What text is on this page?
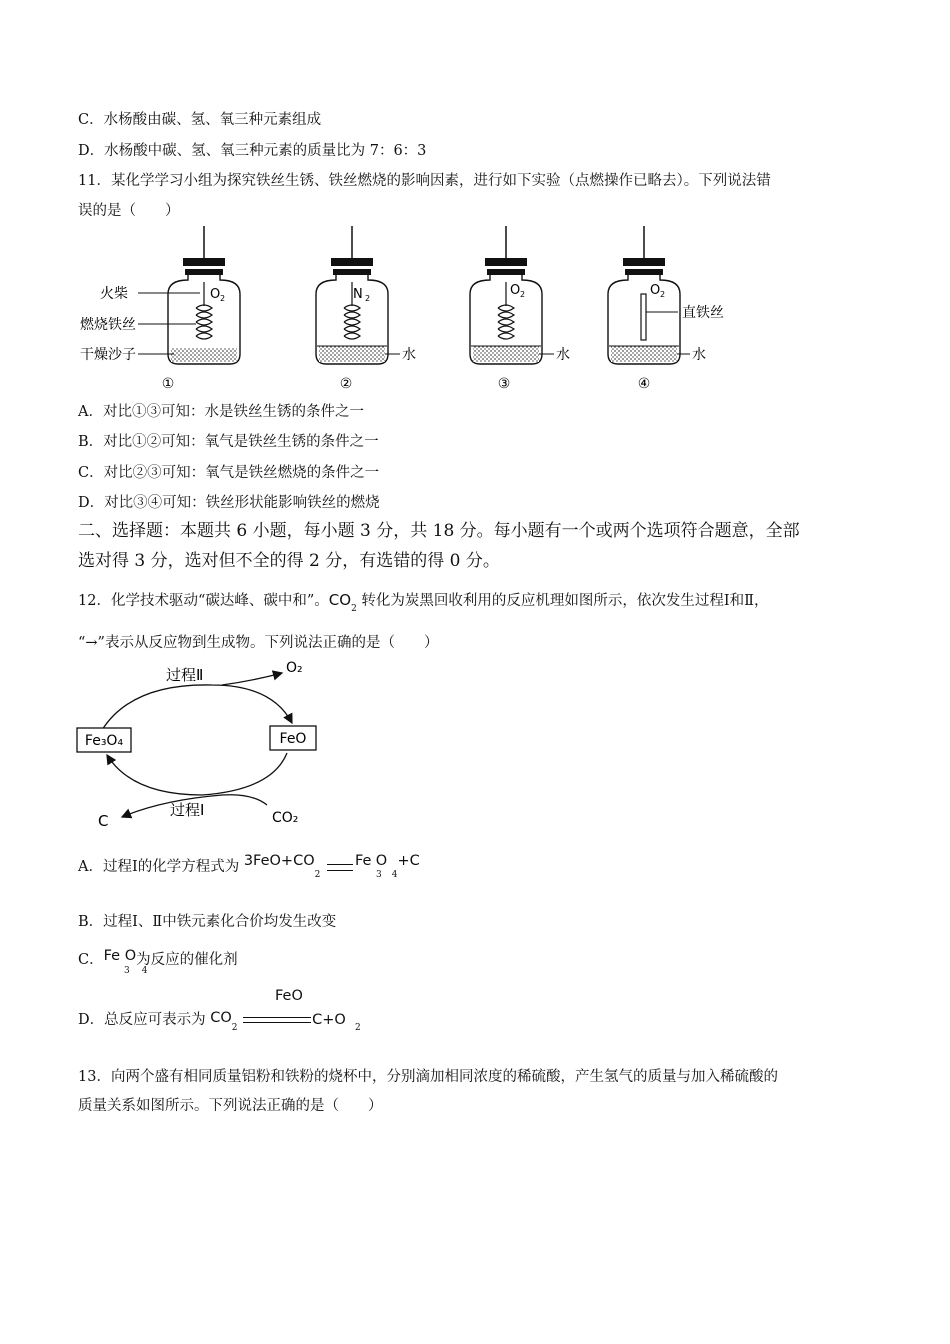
C．水杨酸由碳、氢、氧三种元素组成
D．水杨酸中碳、氢、氧三种元素的质量比为 7：6：3
11．某化学学习小组为探究铁丝生锈、铁丝燃烧的影响因素，进行如下实验（点燃操作已略去）。下列说法错
误的是（　　）
O 2
①
火柴
燃烧铁丝
干燥沙子
N 2
水
②
O 2
水
③
O 2
直铁丝
水
④
A．对比①③可知：水是铁丝生锈的条件之一
B．对比①②可知：氧气是铁丝生锈的条件之一
C．对比②③可知：氧气是铁丝燃烧的条件之一
D．对比③④可知：铁丝形状能影响铁丝的燃烧
二、选择题：本题共 6 小题，每小题 3 分，共 18 分。每小题有一个或两个选项符合题意，全部
选对得 3 分，选对但不全的得 2 分，有选错的得 0 分。
12．化学技术驱动“碳达峰、碳中和”。$CO_2$ 转化为炭黑回收利用的反应机理如图所示，依次发生过程Ⅰ和Ⅱ，
“→”表示从反应物到生成物。下列说法正确的是（　　）
Fe₃O₄	FeO
过程Ⅱ	O₂
过程Ⅰ
C	CO₂
A．过程Ⅰ的化学方程式为 $3FeO+CO_2$ Fe $_3$O $_4$+C
B．过程Ⅰ、Ⅱ中铁元素化合价均发生改变
C．Fe O为反应的催化剂
3 4
D．总反应可表示为 $CO_2$	C+O $_2$
FeO
13．向两个盛有相同质量铝粉和铁粉的烧杯中，分别滴加相同浓度的稀硫酸，产生氢气的质量与加入稀硫酸的
质量关系如图所示。下列说法正确的是（　　）
